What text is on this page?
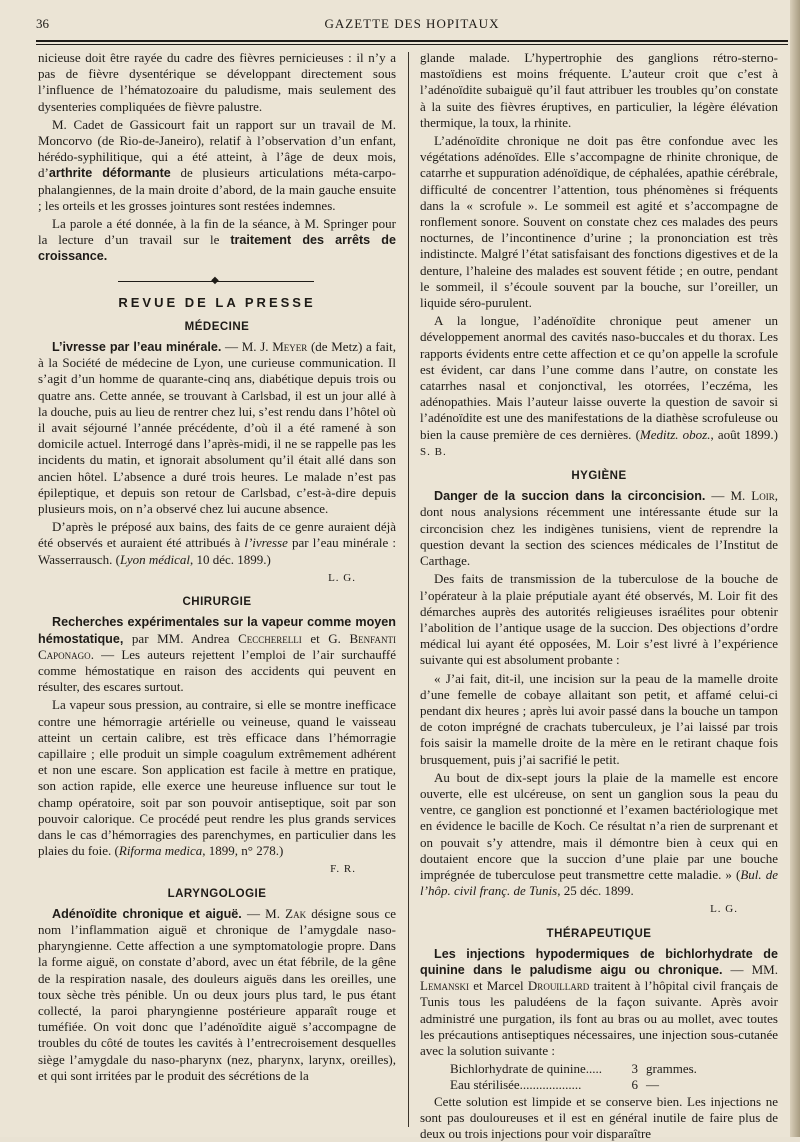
36	GAZETTE DES HOPITAUX

nicieuse doit être rayée du cadre des fièvres pernicieuses : il n’y a pas de fièvre dysentérique se développant directement sous l’influence de l’hématozoaire du paludisme, mais seulement des dysenteries compliquées de fièvre palustre.

M. Cadet de Gassicourt fait un rapport sur un travail de M. Moncorvo (de Rio-de-Janeiro), relatif à l’observation d’un enfant, hérédo-syphilitique, qui a été atteint, à l’âge de deux mois, d’arthrite déformante de plusieurs articulations méta-carpo-phalangiennes, de la main droite d’abord, de la main gauche ensuite ; les orteils et les grosses jointures sont restées indemnes.

La parole a été donnée, à la fin de la séance, à M. Springer pour la lecture d’un travail sur le traitement des arrêts de croissance.

◆
REVUE DE LA PRESSE
MÉDECINE

L’ivresse par l’eau minérale. — M. J. Meyer (de Metz) a fait, à la Société de médecine de Lyon, une curieuse communication. Il s’agit d’un homme de quarante-cinq ans, diabétique depuis trois ou quatre ans. Cette année, se trouvant à Carlsbad, il est un jour allé à la douche, puis au lieu de rentrer chez lui, s’est rendu dans l’hôtel où il avait séjourné l’année précédente, d’où il a été ramené à son domicile actuel. Interrogé dans l’après-midi, il ne se rappelle pas les incidents du matin, et ignorait absolument qu’il était allé dans son ancien hôtel. L’absence a duré trois heures. Le malade n’est pas épileptique, et depuis son retour de Carlsbad, c’est-à-dire depuis plusieurs mois, on n’a observé chez lui aucune absence.

D’après le préposé aux bains, des faits de ce genre auraient déjà été observés et auraient été attribués à l’ivresse par l’eau minérale : Wasserrausch. (Lyon médical, 10 déc. 1899.)

L. G.
CHIRURGIE

Recherches expérimentales sur la vapeur comme moyen hémostatique, par MM. Andrea Ceccherelli et G. Benfanti Caponago. — Les auteurs rejettent l’emploi de l’air surchauffé comme hémostatique en raison des accidents qui peuvent en résulter, des escares surtout.

La vapeur sous pression, au contraire, si elle se montre inefficace contre une hémorragie artérielle ou veineuse, quand le vaisseau atteint un certain calibre, est très efficace dans l’hémorragie capillaire ; elle produit un simple coagulum extrêmement adhérent et non une escare. Son application est facile à mettre en pratique, son action rapide, elle exerce une heureuse influence sur tout le champ opératoire, soit par son pouvoir antiseptique, soit par son pouvoir calorique. Ce procédé peut rendre les plus grands services dans le cas d’hémorragies des parenchymes, en particulier dans les plaies du foie. (Riforma medica, 1899, n° 278.)

F. R.
LARYNGOLOGIE

Adénoïdite chronique et aiguë. — M. Zak désigne sous ce nom l’inflammation aiguë et chronique de l’amygdale naso-pharyngienne. Cette affection a une symptomatologie propre. Dans la forme aiguë, on constate d’abord, avec un état fébrile, de la gêne de la respiration nasale, des douleurs aiguës dans les oreilles, une toux sèche très pénible. Un ou deux jours plus tard, le pus étant collecté, la paroi pharyngienne postérieure apparaît rouge et tuméfiée. On voit donc que l’adénoïdite aiguë s’accompagne de troubles du côté de toutes les cavités à l’entrecroisement desquelles siège l’amygdale du naso-pharynx (nez, pharynx, larynx, oreilles), et qui sont irritées par le produit des sécrétions de la

glande malade. L’hypertrophie des ganglions rétro-sterno-mastoïdiens est moins fréquente. L’auteur croit que c’est à l’adénoïdite subaiguë qu’il faut attribuer les troubles qu’on constate à la suite des fièvres éruptives, en particulier, la légère élévation thermique, la toux, la rhinite.

L’adénoïdite chronique ne doit pas être confondue avec les végétations adénoïdes. Elle s’accompagne de rhinite chronique, de catarrhe et suppuration adénoïdique, de céphalées, apathie cérébrale, difficulté de concentrer l’attention, tous phénomènes si fréquents dans la « scrofule ». Le sommeil est agité et s’accompagne de ronflement sonore. Souvent on constate chez ces malades des peurs nocturnes, de l’incontinence d’urine ; la prononciation est très indistincte. Malgré l’état satisfaisant des fonctions digestives et de la denture, l’haleine des malades est souvent fétide ; en outre, pendant le sommeil, il s’écoule souvent par la bouche, sur l’oreiller, un liquide séro-purulent.

A la longue, l’adénoïdite chronique peut amener un développement anormal des cavités naso-buccales et du thorax. Les rapports évidents entre cette affection et ce qu’on appelle la scrofule est évident, car dans l’une comme dans l’autre, on constate les catarrhes nasal et conjonctival, les otorrées, l’eczéma, les adénopathies. Mais l’auteur laisse ouverte la question de savoir si l’adénoïdite est une des manifestations de la diathèse scrofuleuse ou bien la cause première de ces dernières. (Meditz. oboz., août 1899.) S. B.

HYGIÈNE

Danger de la succion dans la circoncision. — M. Loir, dont nous analysions récemment une intéressante étude sur la circoncision chez les indigènes tunisiens, vient de reprendre la question devant la section des sciences médicales de l’Institut de Carthage.

Des faits de transmission de la tuberculose de la bouche de l’opérateur à la plaie préputiale ayant été observés, M. Loir fit des démarches auprès des autorités religieuses israélites pour obtenir l’abolition de l’antique usage de la succion. Des objections d’ordre médical lui ayant été opposées, M. Loir s’est livré à l’expérience suivante qui est absolument probante :

« J’ai fait, dit-il, une incision sur la peau de la mamelle droite d’une femelle de cobaye allaitant son petit, et affamé celui-ci pendant dix heures ; après lui avoir passé dans la bouche un tampon de coton imprégné de crachats tuberculeux, je l’ai laissé par trois fois saisir la mamelle droite de la mère en le retirant chaque fois brusquement, puis j’ai sacrifié le petit.

Au bout de dix-sept jours la plaie de la mamelle est encore ouverte, elle est ulcéreuse, on sent un ganglion sous la peau du ventre, ce ganglion est ponctionné et l’examen bactériologique met en évidence le bacille de Koch. Ce résultat n’a rien de surprenant et on pouvait s’y attendre, mais il démontre bien à ceux qui en doutaient encore que la succion d’une plaie par une bouche imprégnée de tuberculose peut transmettre cette maladie. » (Bul. de l’hôp. civil franç. de Tunis, 25 déc. 1899.

L. G.
THÉRAPEUTIQUE

Les injections hypodermiques de bichlorhydrate de quinine dans le paludisme aigu ou chronique. — MM. Lemanski et Marcel Drouillard traitent à l’hôpital civil français de Tunis tous les paludéens de la façon suivante. Après avoir administré une purgation, ils font au bras ou au mollet, avec toutes les précautions antiseptiques nécessaires, une injection sous-cutanée avec la solution suivante :

Bichlorhydrate de quinine.....	3 grammes.
Eau stérilisée...................	6 —

Cette solution est limpide et se conserve bien. Les injections ne sont pas douloureuses et il est en général inutile de faire plus de deux ou trois injections pour voir disparaître
